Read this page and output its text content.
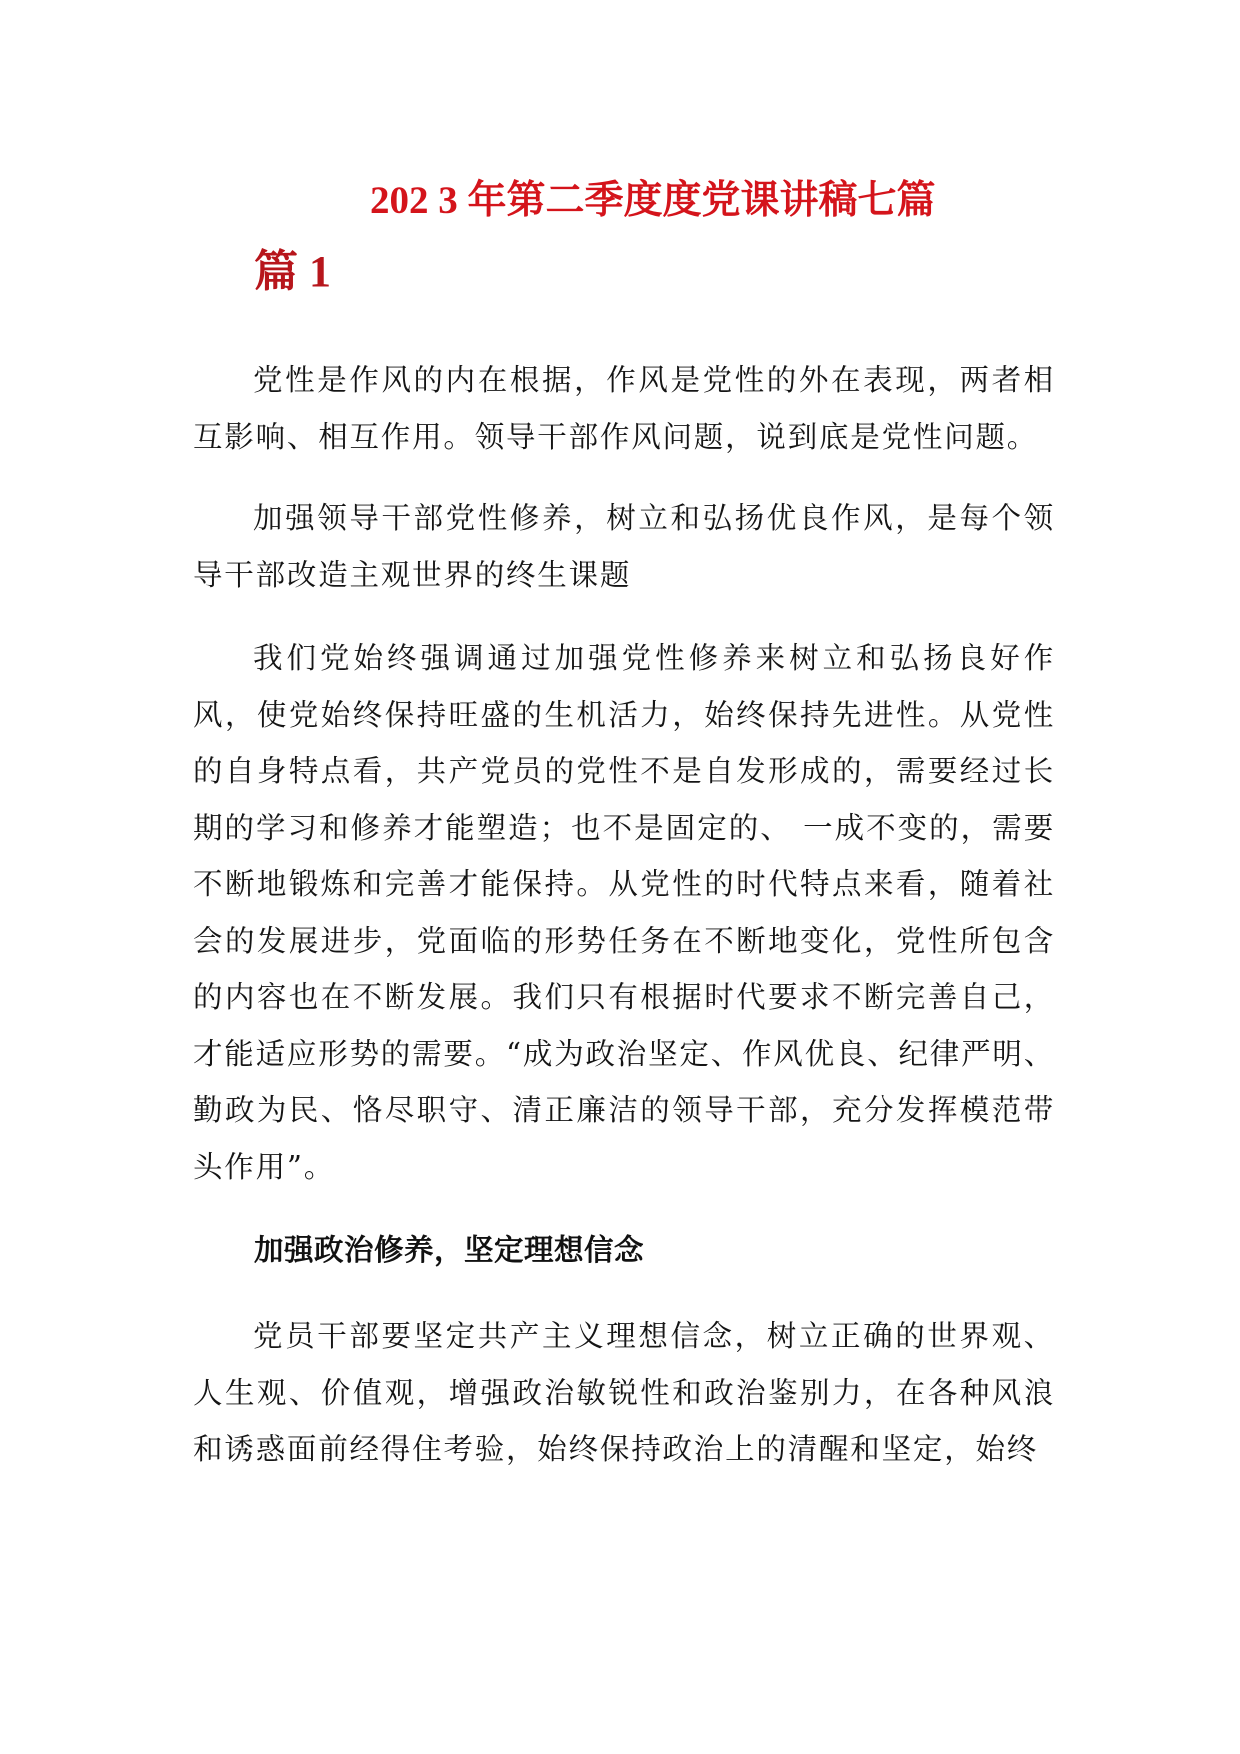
202 3 年第二季度度党课讲稿七篇
篇 1

党性是作风的内在根据，作风是党性的外在表现，两者相互影响、相互作用。领导干部作风问题，说到底是党性问题。

加强领导干部党性修养，树立和弘扬优良作风，是每个领导干部改造主观世界的终生课题

我们党始终强调通过加强党性修养来树立和弘扬良好作风，使党始终保持旺盛的生机活力，始终保持先进性。从党性的自身特点看，共产党员的党性不是自发形成的，需要经过长期的学习和修养才能塑造；也不是固定的、 一成不变的，需要不断地锻炼和完善才能保持。从党性的时代特点来看，随着社会的发展进步，党面临的形势任务在不断地变化，党性所包含的内容也在不断发展。我们只有根据时代要求不断完善自己，才能适应形势的需要。“成为政治坚定、作风优良、纪律严明、勤政为民、恪尽职守、清正廉洁的领导干部，充分发挥模范带头作用”。

加强政治修养，坚定理想信念

党员干部要坚定共产主义理想信念，树立正确的世界观、人生观、价值观，增强政治敏锐性和政治鉴别力，在各种风浪和诱惑面前经得住考验，始终保持政治上的清醒和坚定，始终
